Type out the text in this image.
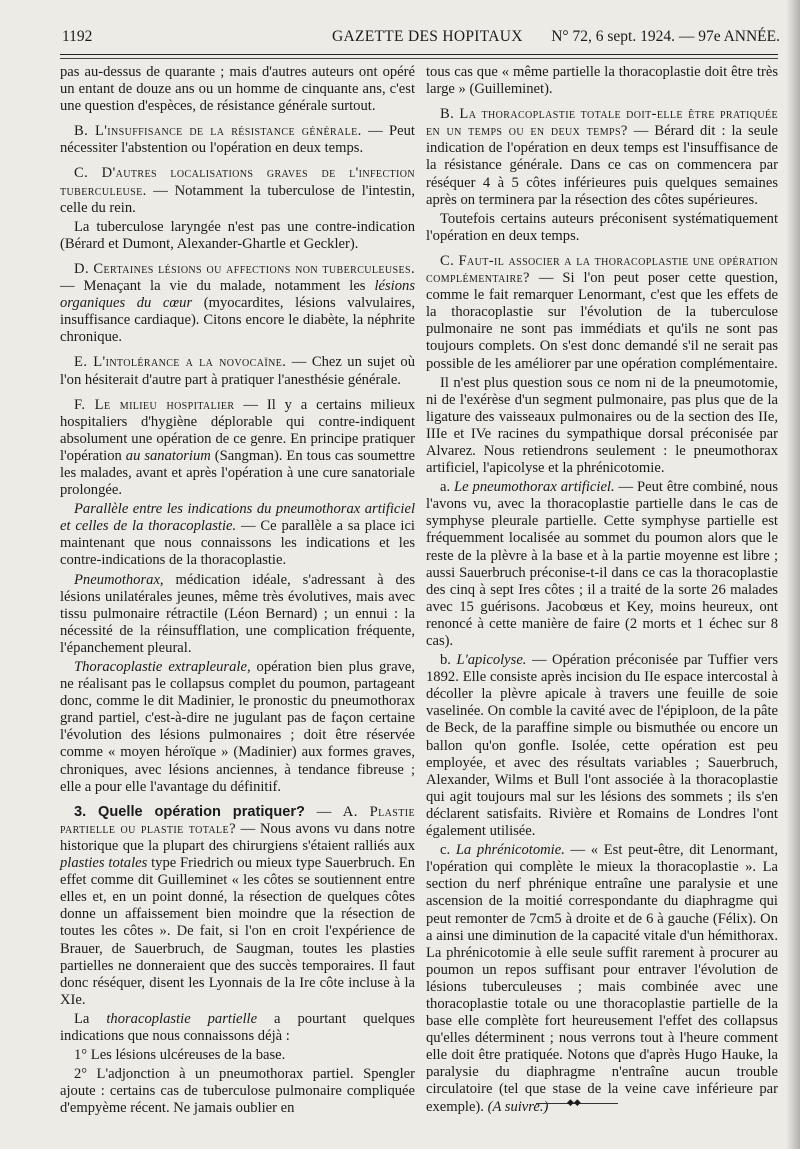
1192	GAZETTE DES HOPITAUX N° 72, 6 sept. 1924. — 97e ANNÉE.

pas au-dessus de quarante ; mais d'autres auteurs ont opéré un entant de douze ans ou un homme de cinquante ans, c'est une question d'espèces, de résistance générale surtout.

B. L'insuffisance de la résistance générale. — Peut nécessiter l'abstention ou l'opération en deux temps.

C. D'autres localisations graves de l'infection tuberculeuse. — Notamment la tuberculose de l'intestin, celle du rein.

La tuberculose laryngée n'est pas une contre-indication (Bérard et Dumont, Alexander-Ghartle et Geckler).

D. Certaines lésions ou affections non tuberculeuses. — Menaçant la vie du malade, notamment les lésions organiques du cœur (myocardites, lésions valvulaires, insuffisance cardiaque). Citons encore le diabète, la néphrite chronique.

E. L'intolérance a la novocaïne. — Chez un sujet où l'on hésiterait d'autre part à pratiquer l'anesthésie générale.

F. Le milieu hospitalier — Il y a certains milieux hospitaliers d'hygiène déplorable qui contre-indiquent absolument une opération de ce genre. En principe pratiquer l'opération au sanatorium (Sangman). En tous cas soumettre les malades, avant et après l'opération à une cure sanatoriale prolongée.

Parallèle entre les indications du pneumothorax artificiel et celles de la thoracoplastie. — Ce parallèle a sa place ici maintenant que nous connaissons les indications et les contre-indications de la thoracoplastie.

Pneumothorax, médication idéale, s'adressant à des lésions unilatérales jeunes, même très évolutives, mais avec tissu pulmonaire rétractile (Léon Bernard) ; un ennui : la nécessité de la réinsufflation, une complication fréquente, l'épanchement pleural.

Thoracoplastie extrapleurale, opération bien plus grave, ne réalisant pas le collapsus complet du poumon, partageant donc, comme le dit Madinier, le pronostic du pneumothorax grand partiel, c'est-à-dire ne jugulant pas de façon certaine l'évolution des lésions pulmonaires ; doit être réservée comme « moyen héroïque » (Madinier) aux formes graves, chroniques, avec lésions anciennes, à tendance fibreuse ; elle a pour elle l'avantage du définitif.

3. Quelle opération pratiquer? — A. Plastie partielle ou plastie totale? — Nous avons vu dans notre historique que la plupart des chirurgiens s'étaient ralliés aux plasties totales type Friedrich ou mieux type Sauerbruch. En effet comme dit Guilleminet « les côtes se soutiennent entre elles et, en un point donné, la résection de quelques côtes donne un affaissement bien moindre que la résection de toutes les côtes ». De fait, si l'on en croit l'expérience de Brauer, de Sauerbruch, de Saugman, toutes les plasties partielles ne donneraient que des succès temporaires. Il faut donc réséquer, disent les Lyonnais de la Ire côte incluse à la XIe.

La thoracoplastie partielle a pourtant quelques indications que nous connaissons déjà :

1° Les lésions ulcéreuses de la base.

2° L'adjonction à un pneumothorax partiel. Spengler ajoute : certains cas de tuberculose pulmonaire compliquée d'empyème récent. Ne jamais oublier en

tous cas que « même partielle la thoracoplastie doit être très large » (Guilleminet).

B. La thoracoplastie totale doit-elle être pratiquée en un temps ou en deux temps? — Bérard dit : la seule indication de l'opération en deux temps est l'insuffisance de la résistance générale. Dans ce cas on commencera par réséquer 4 à 5 côtes inférieures puis quelques semaines après on terminera par la résection des côtes supérieures.

Toutefois certains auteurs préconisent systématiquement l'opération en deux temps.

C. Faut-il associer a la thoracoplastie une opération complémentaire? — Si l'on peut poser cette question, comme le fait remarquer Lenormant, c'est que les effets de la thoracoplastie sur l'évolution de la tuberculose pulmonaire ne sont pas immédiats et qu'ils ne sont pas toujours complets. On s'est donc demandé s'il ne serait pas possible de les améliorer par une opération complémentaire.

Il n'est plus question sous ce nom ni de la pneumotomie, ni de l'exérèse d'un segment pulmonaire, pas plus que de la ligature des vaisseaux pulmonaires ou de la section des IIe, IIIe et IVe racines du sympathique dorsal préconisée par Alvarez. Nous retiendrons seulement : le pneumothorax artificiel, l'apicolyse et la phrénicotomie.

a. Le pneumothorax artificiel. — Peut être combiné, nous l'avons vu, avec la thoracoplastie partielle dans le cas de symphyse pleurale partielle. Cette symphyse partielle est fréquemment localisée au sommet du poumon alors que le reste de la plèvre à la base et à la partie moyenne est libre ; aussi Sauerbruch préconise-t-il dans ce cas la thoracoplastie des cinq à sept Ires côtes ; il a traité de la sorte 26 malades avec 15 guérisons. Jacobœus et Key, moins heureux, ont renoncé à cette manière de faire (2 morts et 1 échec sur 8 cas).

b. L'apicolyse. — Opération préconisée par Tuffier vers 1892. Elle consiste après incision du IIe espace intercostal à décoller la plèvre apicale à travers une feuille de soie vaselinée. On comble la cavité avec de l'épiploon, de la pâte de Beck, de la paraffine simple ou bismuthée ou encore un ballon qu'on gonfle. Isolée, cette opération est peu employée, et avec des résultats variables ; Sauerbruch, Alexander, Wilms et Bull l'ont associée à la thoracoplastie qui agit toujours mal sur les lésions des sommets ; ils s'en déclarent satisfaits. Rivière et Romains de Londres l'ont également utilisée.

c. La phrénicotomie. — « Est peut-être, dit Lenormant, l'opération qui complète le mieux la thoracoplastie ». La section du nerf phrénique entraîne une paralysie et une ascension de la moitié correspondante du diaphragme qui peut remonter de 7cm5 à droite et de 6 à gauche (Félix). On a ainsi une diminution de la capacité vitale d'un hémithorax. La phrénicotomie à elle seule suffit rarement à procurer au poumon un repos suffisant pour entraver l'évolution de lésions tuberculeuses ; mais combinée avec une thoracoplastie totale ou une thoracoplastie partielle de la base elle complète fort heureusement l'effet des collapsus qu'elles déterminent ; nous verrons tout à l'heure comment elle doit être pratiquée. Notons que d'après Hugo Hauke, la paralysie du diaphragme n'entraîne aucun trouble circulatoire (tel que stase de la veine cave inférieure par exemple). (A suivre.)	◆◆
